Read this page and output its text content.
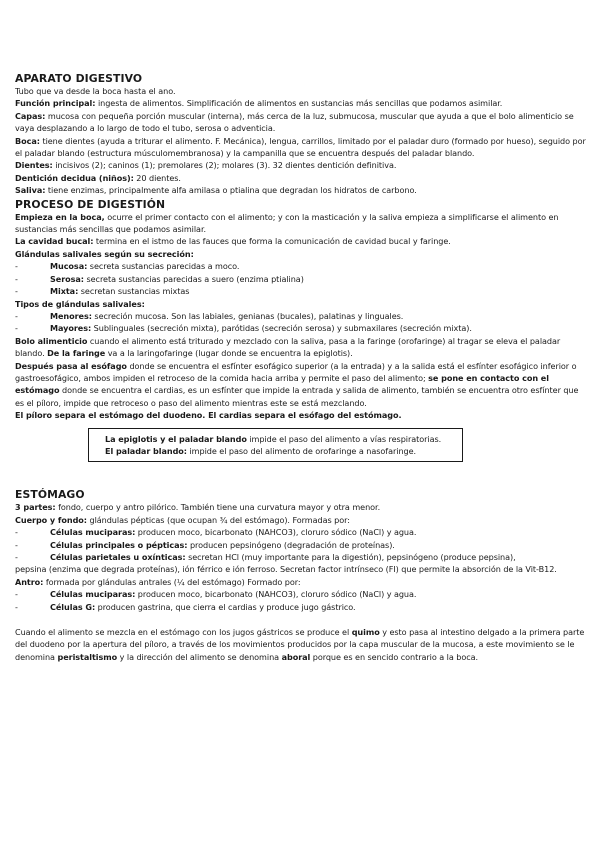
APARATO DIGESTIVO

Tubo que va desde la boca hasta el ano.

Función principal: ingesta de alimentos. Simplificación de alimentos en sustancias más sencillas que podamos asimilar.

Capas: mucosa con pequeña porción muscular (interna), más cerca de la luz, submucosa, muscular que ayuda a que el bolo alimenticio se vaya desplazando a lo largo de todo el tubo, serosa o adventicia.

Boca: tiene dientes (ayuda a triturar el alimento. F. Mecánica), lengua, carrillos, limitado por el paladar duro (formado por hueso), seguido por el paladar blando (estructura músculomembranosa) y la campanilla que se encuentra después del paladar blando.

Dientes: incisivos (2); caninos (1); premolares (2); molares (3). 32 dientes dentición definitiva.

Dentición decidua (niños): 20 dientes.

Saliva: tiene enzimas, principalmente alfa amilasa o ptialina que degradan los hidratos de carbono.

PROCESO DE DIGESTIÓN

Empieza en la boca, ocurre el primer contacto con el alimento; y con la masticación y la saliva empieza a simplificarse el alimento en sustancias más sencillas que podamos asimilar.

La cavidad bucal: termina en el istmo de las fauces que forma la comunicación de cavidad bucal y faringe.

Glándulas salivales según su secreción:

-	Mucosa: secreta sustancias parecidas a moco.
-	Serosa: secreta sustancias parecidas a suero (enzima ptialina)
-	Mixta: secretan sustancias mixtas

Tipos de glándulas salivales:

-	Menores: secreción mucosa. Son las labiales, genianas (bucales), palatinas y linguales.
-	Mayores: Sublinguales (secreción mixta), parótidas (secreción serosa) y submaxilares (secreción mixta).

Bolo alimenticio cuando el alimento está triturado y mezclado con la saliva, pasa a la faringe (orofaringe) al tragar se eleva el paladar blando. De la faringe va a la laringofaringe (lugar donde se encuentra la epiglotis).

Después pasa al esófago donde se encuentra el esfínter esofágico superior (a la entrada) y a la salida está el esfínter esofágico inferior o gastroesofágico, ambos impiden el retroceso de la comida hacia arriba y permite el paso del alimento; se pone en contacto con el estómago donde se encuentra el cardias, es un esfínter que impide la entrada y salida de alimento, también se encuentra otro esfínter que es el píloro, impide que retroceso o paso del alimento mientras este se está mezclando.

El píloro separa el estómago del duodeno. El cardias separa el esófago del estómago.

La epiglotis y el paladar blando impide el paso del alimento a vías respiratorias.

El paladar blando: impide el paso del alimento de orofaringe a nasofaringe.

ESTÓMAGO

3 partes: fondo, cuerpo y antro pilórico. También tiene una curvatura mayor y otra menor.

Cuerpo y fondo: glándulas pépticas (que ocupan ¾ del estómago). Formadas por:

-	Células muciparas: producen moco, bicarbonato (NAHCO3), cloruro sódico (NaCl) y agua.
-	Células principales o pépticas: producen pepsinógeno (degradación de proteínas).
-	Células parietales u oxínticas: secretan HCl (muy importante para la digestión), pepsinógeno (produce pepsina),

pepsina (enzima que degrada proteínas), ión férrico e ión ferroso. Secretan factor intrínseco (FI) que permite la absorción de la Vit-B12.

Antro: formada por glándulas antrales (¼ del estómago) Formado por:

-	Células muciparas: producen moco, bicarbonato (NAHCO3), cloruro sódico (NaCl) y agua.
-	Células G: producen gastrina, que cierra el cardias y produce jugo gástrico.

Cuando el alimento se mezcla en el estómago con los jugos gástricos se produce el quimo y esto pasa al intestino delgado a la primera parte del duodeno por la apertura del píloro, a través de los movimientos producidos por la capa muscular de la mucosa, a este movimiento se le denomina peristaltismo y la dirección del alimento se denomina aboral porque es en sencido contrario a la boca.
